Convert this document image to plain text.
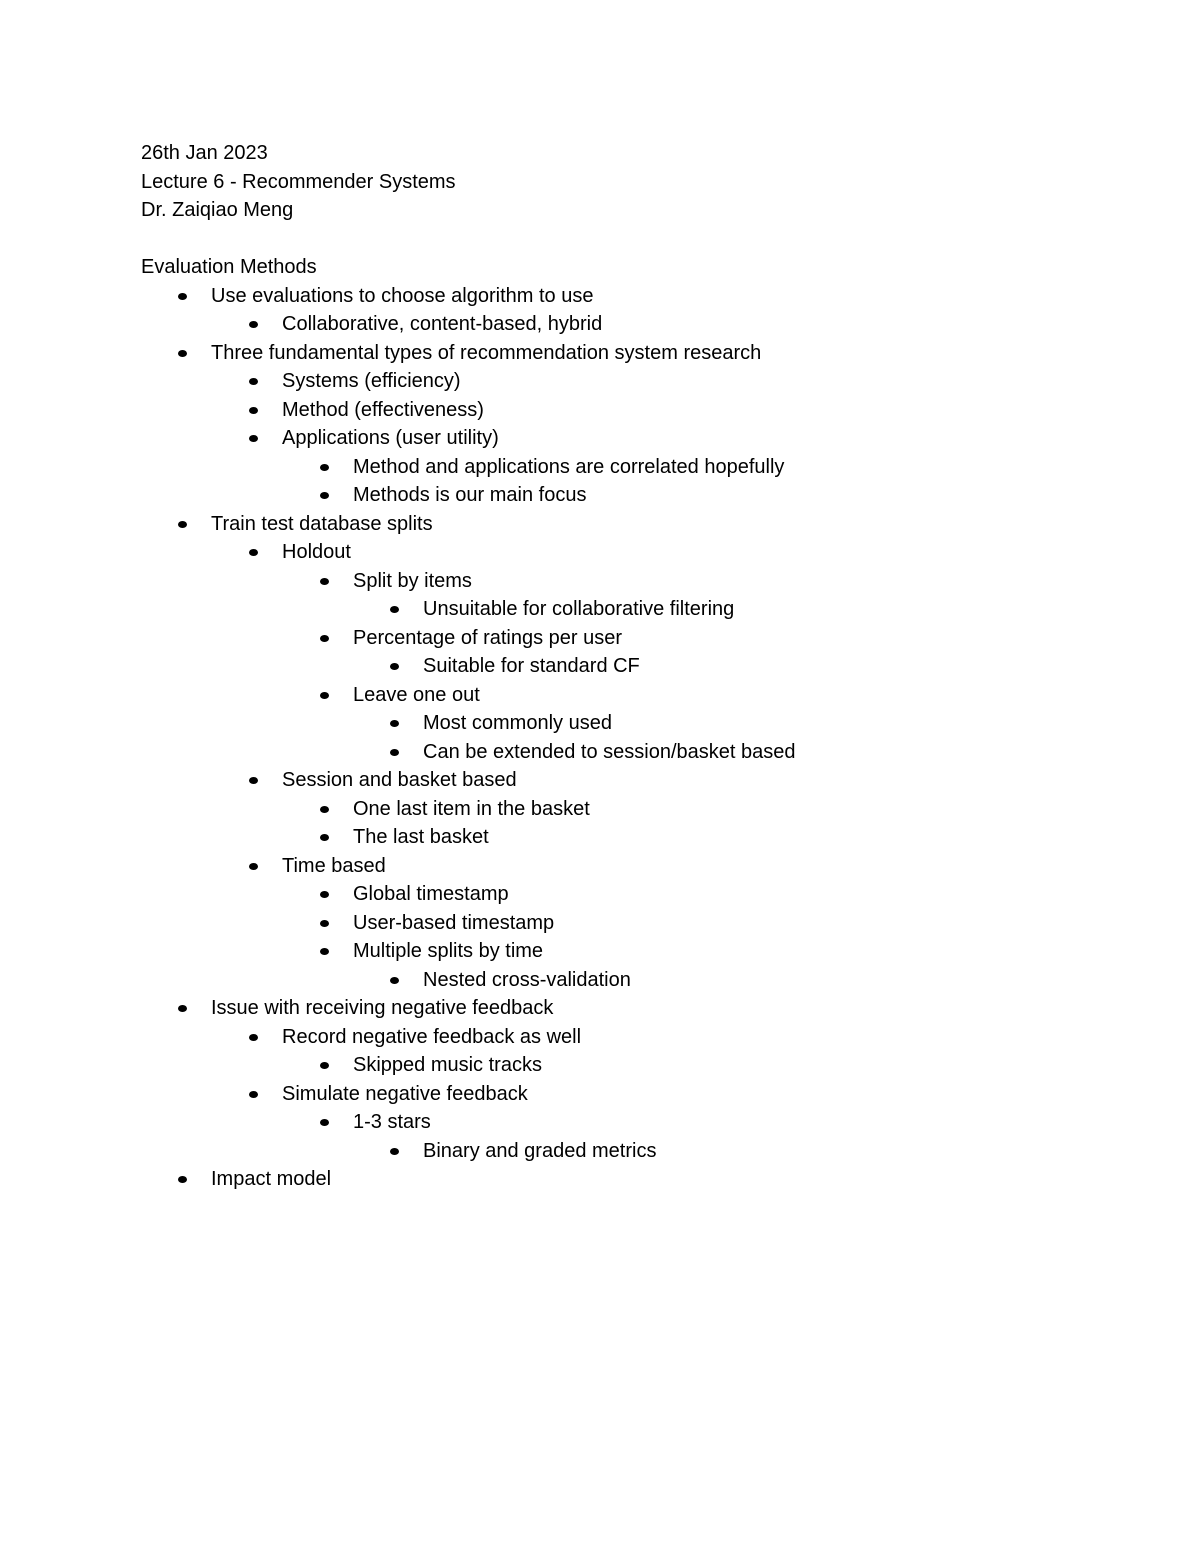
26th Jan 2023
Lecture 6 - Recommender Systems
Dr. Zaiqiao Meng
Evaluation Methods
Use evaluations to choose algorithm to use
Collaborative, content-based, hybrid
Three fundamental types of recommendation system research
Systems (efficiency)
Method (effectiveness)
Applications (user utility)
Method and applications are correlated hopefully
Methods is our main focus
Train test database splits
Holdout
Split by items
Unsuitable for collaborative filtering
Percentage of ratings per user
Suitable for standard CF
Leave one out
Most commonly used
Can be extended to session/basket based
Session and basket based
One last item in the basket
The last basket
Time based
Global timestamp
User-based timestamp
Multiple splits by time
Nested cross-validation
Issue with receiving negative feedback
Record negative feedback as well
Skipped music tracks
Simulate negative feedback
1-3 stars
Binary and graded metrics
Impact model
